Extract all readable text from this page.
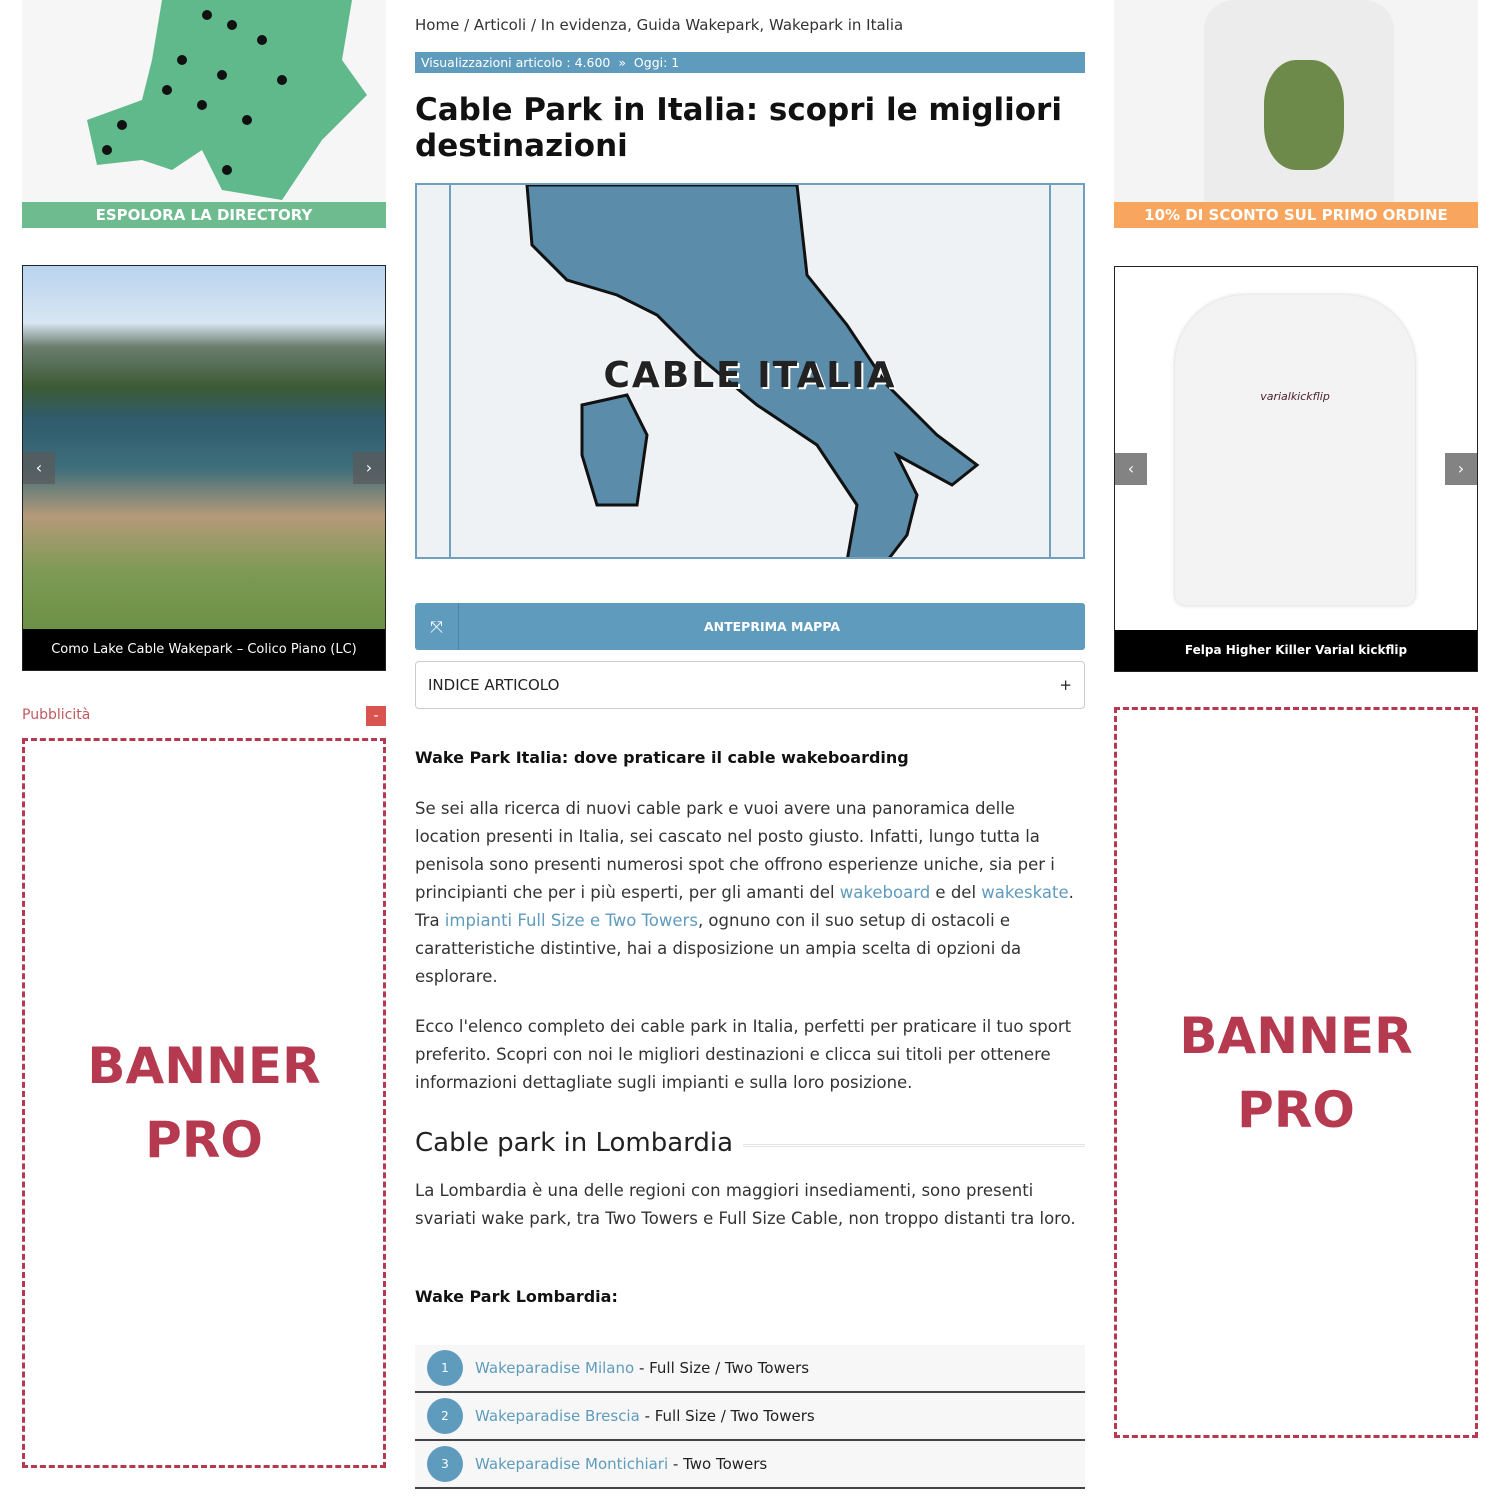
ESPOLORA LA DIRECTORY
‹	›
Como Lake Cable Wakepark – Colico Piano (LC)
Pubblicità	-
BANNER
PRO
10% DI SCONTO SUL PRIMO ORDINE
varialkickflip
‹	›
Felpa Higher Killer Varial kickflip
BANNER
PRO
Home / Articoli / In evidenza, Guida Wakepark, Wakepark in Italia
Visualizzazioni articolo : 4.600  »  Oggi: 1
Cable Park in Italia: scopri le migliori destinazioni
CABLE ITALIA
⤧	ANTEPRIMA MAPPA
INDICE ARTICOLO	+
Wake Park Italia: dove praticare il cable wakeboarding

Se sei alla ricerca di nuovi cable park e vuoi avere una panoramica delle location presenti in Italia, sei cascato nel posto giusto. Infatti, lungo tutta la penisola sono presenti numerosi spot che offrono esperienze uniche, sia per i principianti che per i più esperti, per gli amanti del wakeboard e del wakeskate. Tra impianti Full Size e Two Towers, ognuno con il suo setup di ostacoli e caratteristiche distintive, hai a disposizione un ampia scelta di opzioni da esplorare.

Ecco l'elenco completo dei cable park in Italia, perfetti per praticare il tuo sport preferito. Scopri con noi le migliori destinazioni e clicca sui titoli per ottenere informazioni dettagliate sugli impianti e sulla loro posizione.

Cable park in Lombardia

La Lombardia è una delle regioni con maggiori insediamenti, sono presenti svariati wake park, tra Two Towers e Full Size Cable, non troppo distanti tra loro.

Wake Park Lombardia:
1	Wakeparadise Milano - Full Size / Two Towers
2	Wakeparadise Brescia - Full Size / Two Towers
3	Wakeparadise Montichiari - Two Towers
